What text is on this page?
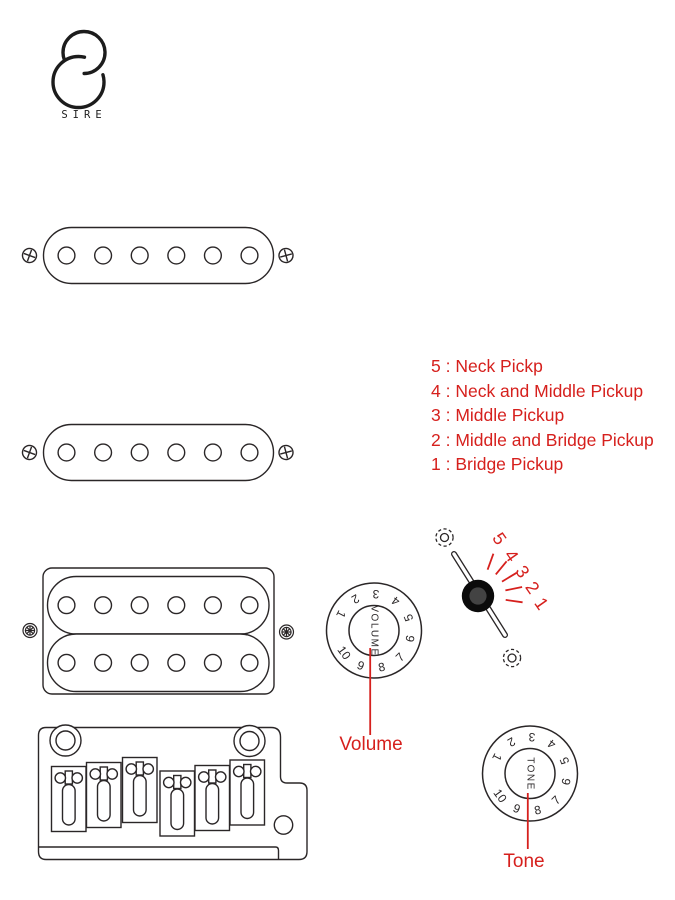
SIRE
5 : Neck Pickp
4 : Neck and Middle Pickup
3 : Middle Pickup
2 : Middle and Bridge Pickup
1 : Bridge Pickup
5
4
3
2
1
VOLUME
1
2 3 4
5
6
7
8
9
10
Volume
TONE
1
2 3 4
5
6
7
8
9
10
Tone
